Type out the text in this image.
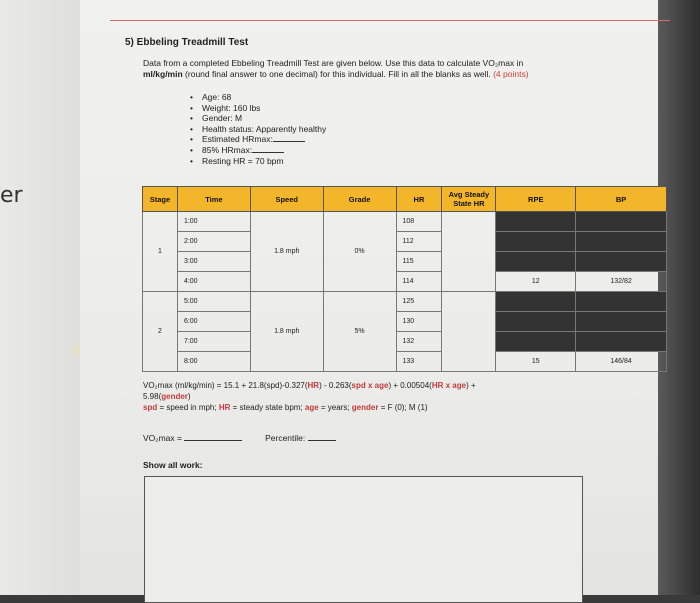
er
5) Ebbeling Treadmill Test
Data from a completed Ebbeling Treadmill Test are given below. Use this data to calculate VO₂max in
ml/kg/min (round final answer to one decimal) for this individual. Fill in all the blanks as well. (4 points)
• Age: 68
• Weight: 160 lbs
• Gender: M
• Health status: Apparently healthy
• Estimated HRmax:
• 85% HRmax:
• Resting HR = 70 bpm
Stage	Time	Speed	Grade	HR	Avg Steady State HR	RPE	BP
1	1:00	1.8 mph	0%	108			
	2:00			112			
	3:00			115			
	4:00			114		12	132/82
2	5:00	1.8 mph	5%	125			
	6:00			130			
	7:00			132			
	8:00			133		15	146/84
VO₂max (ml/kg/min) = 15.1 + 21.8(spd)-0.327(HR) - 0.263(spd x age) + 0.00504(HR x age) +
5.98(gender)
spd = speed in mph; HR = steady state bpm; age = years; gender = F (0); M (1)
VO₂max =	Percentile:
Show all work:
